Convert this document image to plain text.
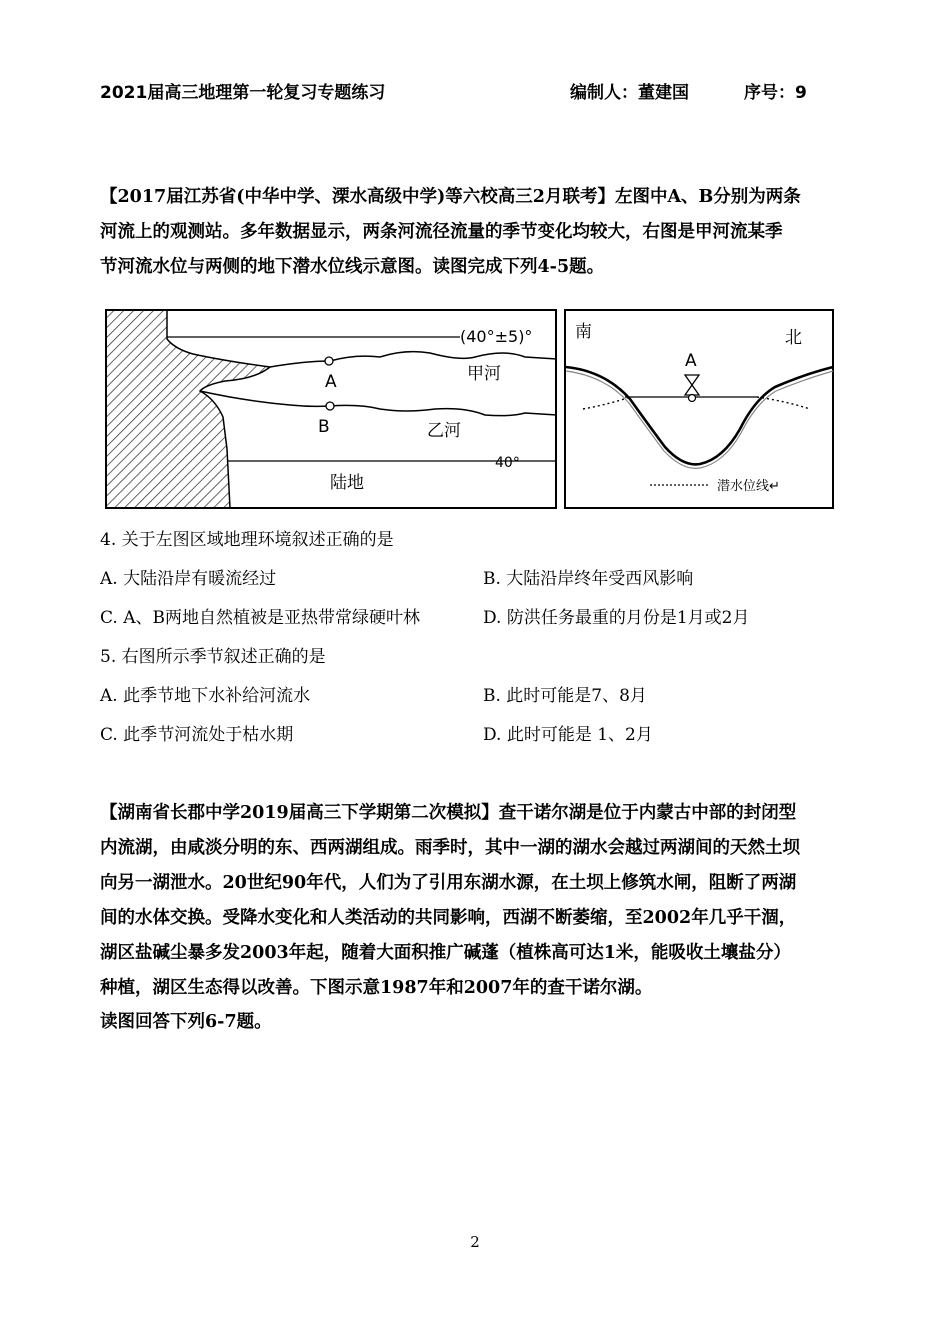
2021届高三地理第一轮复习专题练习	编制人：董建国	序号：9
【2017届江苏省(中华中学、溧水高级中学)等六校高三2月联考】左图中A、B分别为两条
河流上的观测站。多年数据显示，两条河流径流量的季节变化均较大，右图是甲河流某季
节河流水位与两侧的地下潜水位线示意图。读图完成下列4-5题。
(40°±5)°
A	甲河
B	乙河
40°
陆地
南	北
A
潜水位线↵
4. 关于左图区域地理环境叙述正确的是
A. 大陆沿岸有暖流经过	B. 大陆沿岸终年受西风影响
C. A、B两地自然植被是亚热带常绿硬叶林	D. 防洪任务最重的月份是1月或2月
5. 右图所示季节叙述正确的是
A. 此季节地下水补给河流水	B. 此时可能是7、8月
C. 此季节河流处于枯水期	D. 此时可能是 1、2月
【湖南省长郡中学2019届高三下学期第二次模拟】查干诺尔湖是位于内蒙古中部的封闭型
内流湖，由咸淡分明的东、西两湖组成。雨季时，其中一湖的湖水会越过两湖间的天然土坝
向另一湖泄水。20世纪90年代，人们为了引用东湖水源，在土坝上修筑水闸，阻断了两湖
间的水体交换。受降水变化和人类活动的共同影响，西湖不断萎缩，至2002年几乎干涸，
湖区盐碱尘暴多发2003年起，随着大面积推广碱蓬（植株高可达1米，能吸收土壤盐分）
种植，湖区生态得以改善。下图示意1987年和2007年的查干诺尔湖。
读图回答下列6-7题。
2
